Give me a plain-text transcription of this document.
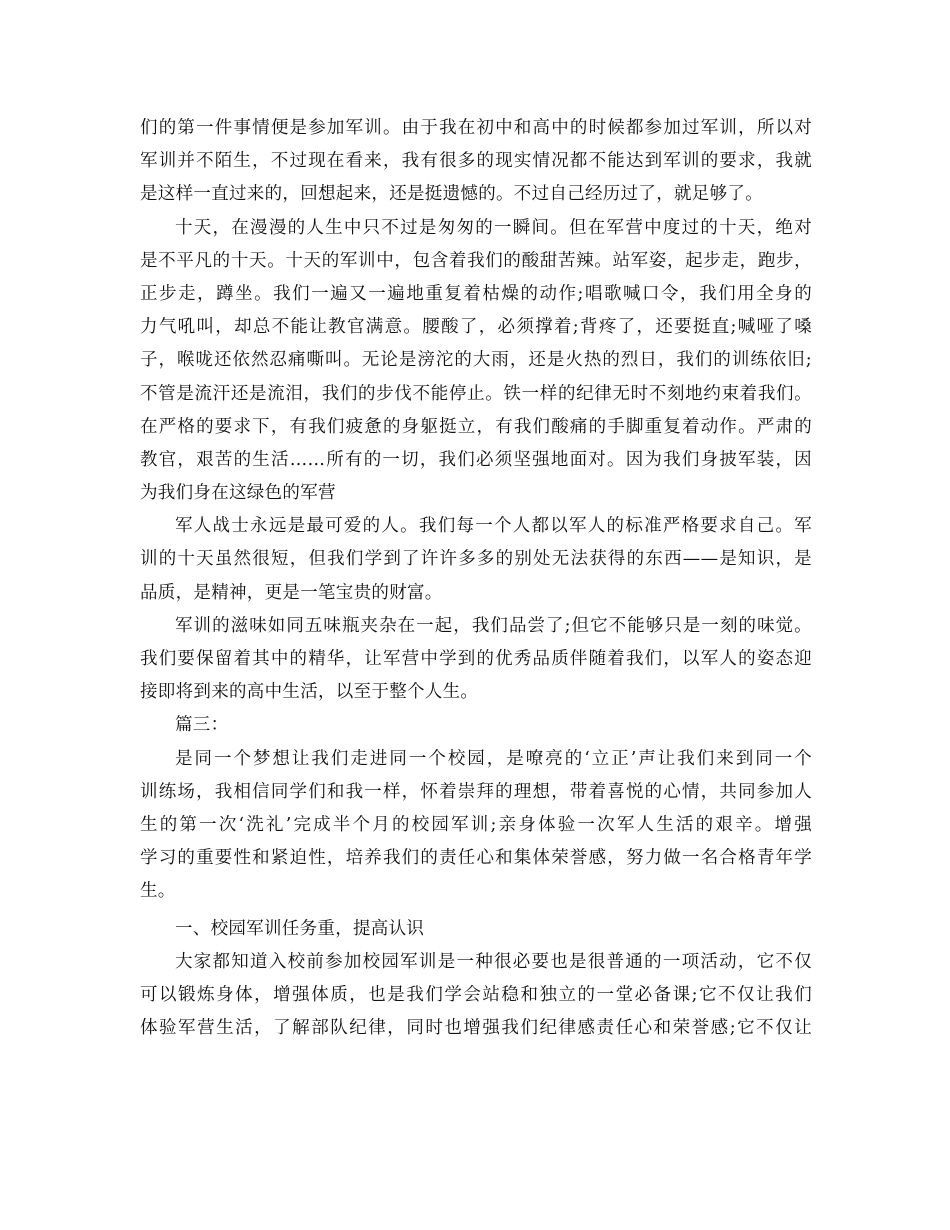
们的第一件事情便是参加军训。由于我在初中和高中的时候都参加过军训，所以对
军训并不陌生，不过现在看来，我有很多的现实情况都不能达到军训的要求，我就
是这样一直过来的，回想起来，还是挺遗憾的。不过自己经历过了，就足够了。
十天，在漫漫的人生中只不过是匆匆的一瞬间。但在军营中度过的十天，绝对
是不平凡的十天。十天的军训中，包含着我们的酸甜苦辣。站军姿，起步走，跑步，
正步走，蹲坐。我们一遍又一遍地重复着枯燥的动作;唱歌喊口令，我们用全身的
力气吼叫，却总不能让教官满意。腰酸了，必须撑着;背疼了，还要挺直;喊哑了嗓
子，喉咙还依然忍痛嘶叫。无论是滂沱的大雨，还是火热的烈日，我们的训练依旧;
不管是流汗还是流泪，我们的步伐不能停止。铁一样的纪律无时不刻地约束着我们。
在严格的要求下，有我们疲惫的身躯挺立，有我们酸痛的手脚重复着动作。严肃的
教官，艰苦的生活……所有的一切，我们必须坚强地面对。因为我们身披军装，因
为我们身在这绿色的军营
军人战士永远是最可爱的人。我们每一个人都以军人的标准严格要求自己。军
训的十天虽然很短，但我们学到了许许多多的别处无法获得的东西——是知识，是
品质，是精神，更是一笔宝贵的财富。
军训的滋味如同五味瓶夹杂在一起，我们品尝了;但它不能够只是一刻的味觉。
我们要保留着其中的精华，让军营中学到的优秀品质伴随着我们，以军人的姿态迎
接即将到来的高中生活，以至于整个人生。
篇三：
是同一个梦想让我们走进同一个校园，是嘹亮的‘立正’声让我们来到同一个
训练场，我相信同学们和我一样，怀着崇拜的理想，带着喜悦的心情，共同参加人
生的第一次‘洗礼’完成半个月的校园军训;亲身体验一次军人生活的艰辛。增强
学习的重要性和紧迫性，培养我们的责任心和集体荣誉感，努力做一名合格青年学
生。
一、校园军训任务重，提高认识
大家都知道入校前参加校园军训是一种很必要也是很普通的一项活动，它不仅
可以锻炼身体，增强体质，也是我们学会站稳和独立的一堂必备课;它不仅让我们
体验军营生活，了解部队纪律，同时也增强我们纪律感责任心和荣誉感;它不仅让
